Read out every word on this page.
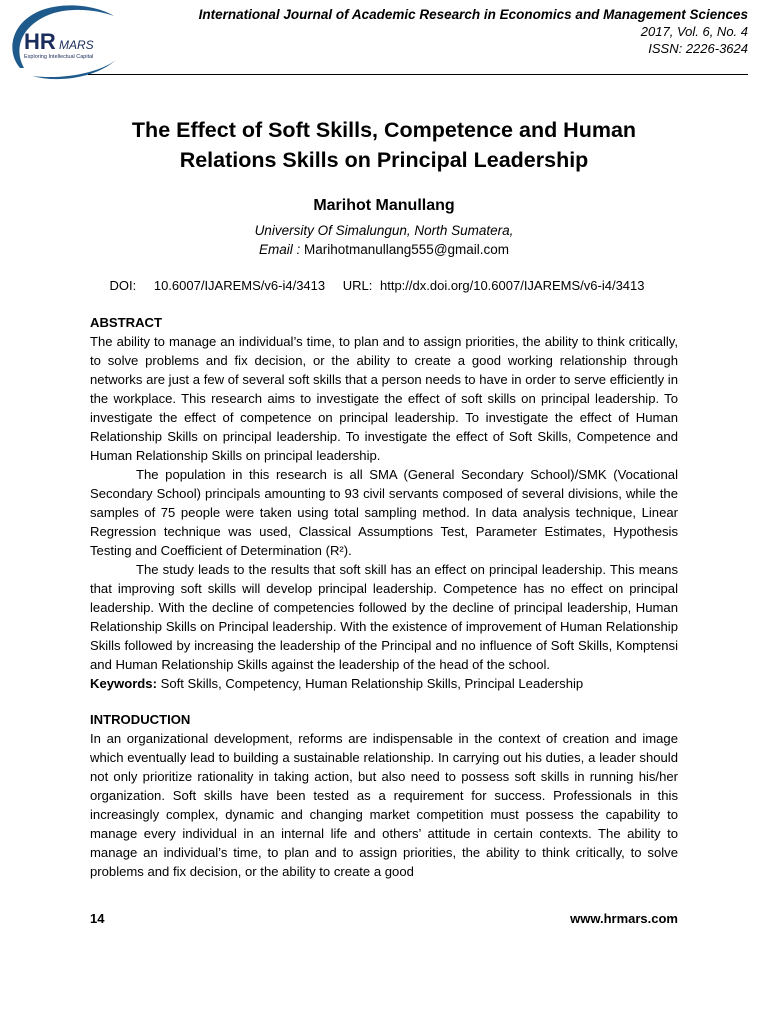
HR MARS
Exploring Intellectual Capital
International Journal of Academic Research in Economics and Management Sciences
2017, Vol. 6, No. 4
ISSN: 2226-3624
The Effect of Soft Skills, Competence and Human
Relations Skills on Principal Leadership
Marihot Manullang
University Of Simalungun, North Sumatera,
Email : Marihotmanullang555@gmail.com
DOI: 10.6007/IJAREMS/v6-i4/3413 URL: http://dx.doi.org/10.6007/IJAREMS/v6-i4/3413
ABSTRACT

The ability to manage an individual’s time, to plan and to assign priorities, the ability to think critically, to solve problems and fix decision, or the ability to create a good working relationship through networks are just a few of several soft skills that a person needs to have in order to serve efficiently in the workplace. This research aims to investigate the effect of soft skills on principal leadership. To investigate the effect of competence on principal leadership. To investigate the effect of Human Relationship Skills on principal leadership. To investigate the effect of Soft Skills, Competence and Human Relationship Skills on principal leadership.

The population in this research is all SMA (General Secondary School)/SMK (Vocational Secondary School) principals amounting to 93 civil servants composed of several divisions, while the samples of 75 people were taken using total sampling method. In data analysis technique, Linear Regression technique was used, Classical Assumptions Test, Parameter Estimates, Hypothesis Testing and Coefficient of Determination (R²).

The study leads to the results that soft skill has an effect on principal leadership. This means that improving soft skills will develop principal leadership. Competence has no effect on principal leadership. With the decline of competencies followed by the decline of principal leadership, Human Relationship Skills on Principal leadership. With the existence of improvement of Human Relationship Skills followed by increasing the leadership of the Principal and no influence of Soft Skills, Komptensi and Human Relationship Skills against the leadership of the head of the school.

Keywords: Soft Skills, Competency, Human Relationship Skills, Principal Leadership

INTRODUCTION

In an organizational development, reforms are indispensable in the context of creation and image which eventually lead to building a sustainable relationship. In carrying out his duties, a leader should not only prioritize rationality in taking action, but also need to possess soft skills in running his/her organization. Soft skills have been tested as a requirement for success. Professionals in this increasingly complex, dynamic and changing market competition must possess the capability to manage every individual in an internal life and others’ attitude in certain contexts. The ability to manage an individual’s time, to plan and to assign priorities, the ability to think critically, to solve problems and fix decision, or the ability to create a good

14	www.hrmars.com
